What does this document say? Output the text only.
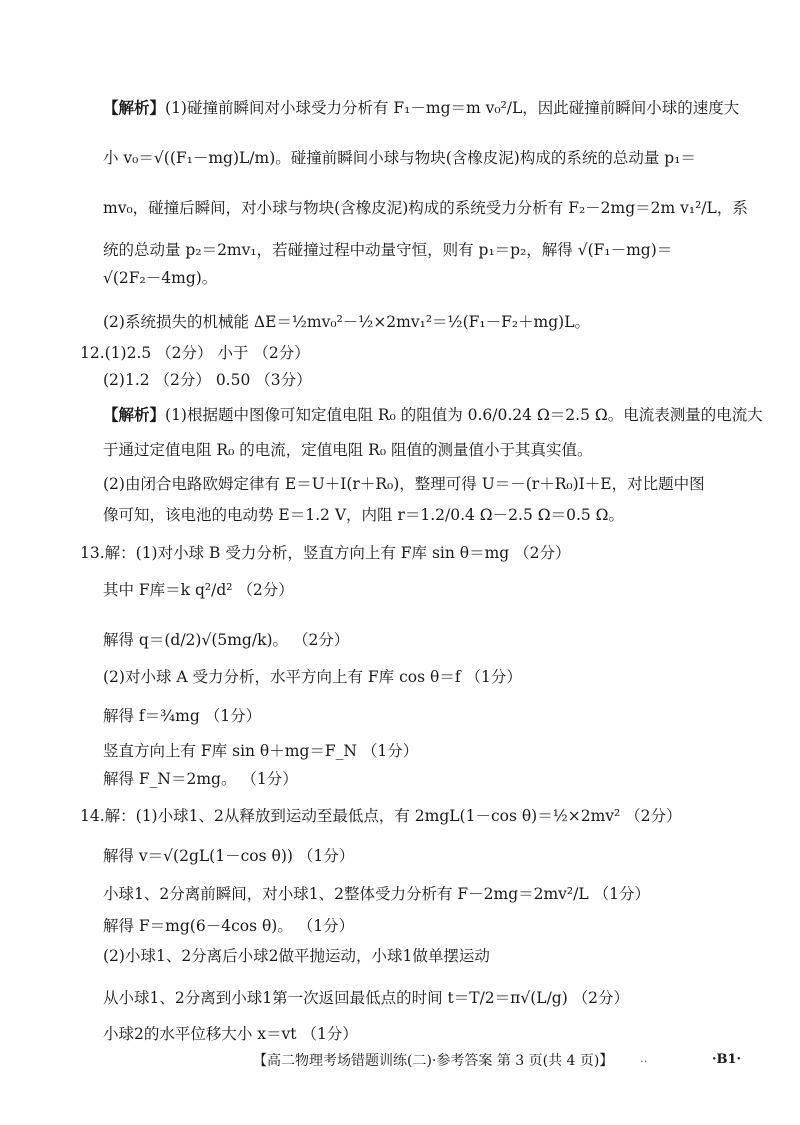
【解析】(1)碰撞前瞬间对小球受力分析有 F₁－mg＝m v₀²/L，因此碰撞前瞬间小球的速度大
小 v₀＝√((F₁－mg)L/m)。碰撞前瞬间小球与物块(含橡皮泥)构成的系统的总动量 p₁＝
mv₀，碰撞后瞬间，对小球与物块(含橡皮泥)构成的系统受力分析有 F₂－2mg＝2m v₁²/L，系
统的总动量 p₂＝2mv₁，若碰撞过程中动量守恒，则有 p₁＝p₂，解得 √(F₁－mg)＝
√(2F₂－4mg)。
(2)系统损失的机械能 ΔE＝½mv₀²－½×2mv₁²＝½(F₁－F₂＋mg)L。
12.(1)2.5 （2分） 小于 （2分）
(2)1.2 （2分） 0.50 （3分）
【解析】(1)根据题中图像可知定值电阻 R₀ 的阻值为 0.6/0.24 Ω＝2.5 Ω。电流表测量的电流大
于通过定值电阻 R₀ 的电流，定值电阻 R₀ 阻值的测量值小于其真实值。
(2)由闭合电路欧姆定律有 E＝U＋I(r＋R₀)，整理可得 U＝－(r＋R₀)I＋E，对比题中图
像可知，该电池的电动势 E＝1.2 V，内阻 r＝1.2/0.4 Ω－2.5 Ω＝0.5 Ω。
13.解：(1)对小球 B 受力分析，竖直方向上有 F库 sin θ＝mg （2分）
其中 F库＝k q²/d² （2分）
解得 q＝(d/2)√(5mg/k)。 （2分）
(2)对小球 A 受力分析，水平方向上有 F库 cos θ＝f （1分）
解得 f＝¾mg （1分）
竖直方向上有 F库 sin θ＋mg＝F_N （1分）
解得 F_N＝2mg。 （1分）
14.解：(1)小球1、2从释放到运动至最低点，有 2mgL(1－cos θ)＝½×2mv² （2分）
解得 v＝√(2gL(1－cos θ)) （1分）
小球1、2分离前瞬间，对小球1、2整体受力分析有 F－2mg＝2mv²/L （1分）
解得 F＝mg(6－4cos θ)。 （1分）
(2)小球1、2分离后小球2做平抛运动，小球1做单摆运动
从小球1、2分离到小球1第一次返回最低点的时间 t＝T/2＝π√(L/g) （2分）
小球2的水平位移大小 x＝vt （1分）
【高二物理考场错题训练(二)·参考答案 第 3 页(共 4 页)】 ‥	·B1·
